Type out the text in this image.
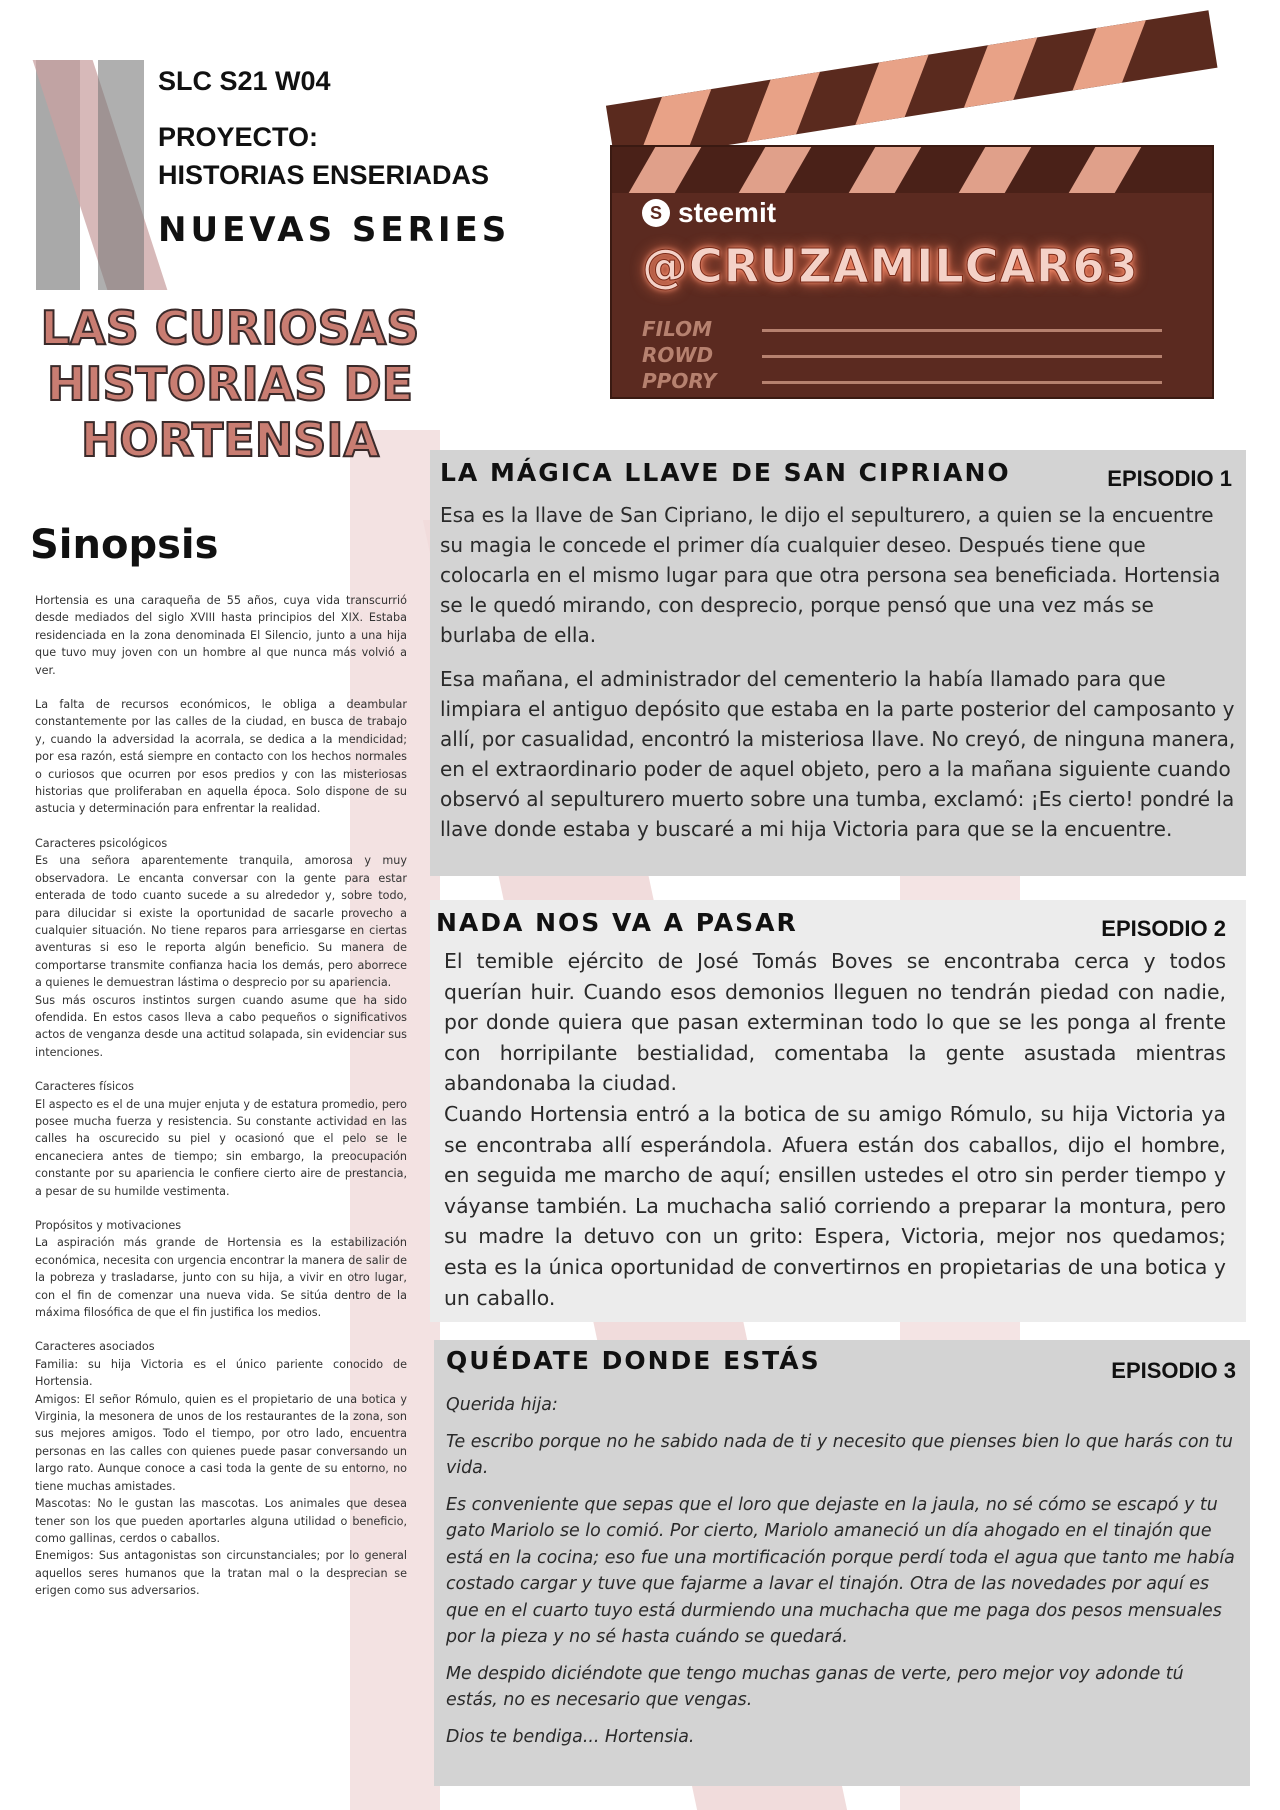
SLC S21 W04
PROYECTO:
HISTORIAS ENSERIADAS
NUEVAS SERIES
LAS CURIOSAS
HISTORIAS DE
HORTENSIA
S steemit
@CRUZAMILCAR63
FILOM
ROWD
PPORY
Sinopsis

Hortensia es una caraqueña de 55 años, cuya vida transcurrió desde mediados del siglo XVIII hasta principios del XIX. Estaba residenciada en la zona denominada El Silencio, junto a una hija que tuvo muy joven con un hombre al que nunca más volvió a ver.

La falta de recursos económicos, le obliga a deambular constantemente por las calles de la ciudad, en busca de trabajo y, cuando la adversidad la acorrala, se dedica a la mendicidad; por esa razón, está siempre en contacto con los hechos normales o curiosos que ocurren por esos predios y con las misteriosas historias que proliferaban en aquella época. Solo dispone de su astucia y determinación para enfrentar la realidad.

Caracteres psicológicos
Es una señora aparentemente tranquila, amorosa y muy observadora. Le encanta conversar con la gente para estar enterada de todo cuanto sucede a su alrededor y, sobre todo, para dilucidar si existe la oportunidad de sacarle provecho a cualquier situación. No tiene reparos para arriesgarse en ciertas aventuras si eso le reporta algún beneficio. Su manera de comportarse transmite confianza hacia los demás, pero aborrece a quienes le demuestran lástima o desprecio por su apariencia.
Sus más oscuros instintos surgen cuando asume que ha sido ofendida. En estos casos lleva a cabo pequeños o significativos actos de venganza desde una actitud solapada, sin evidenciar sus intenciones.

Caracteres físicos
El aspecto es el de una mujer enjuta y de estatura promedio, pero posee mucha fuerza y resistencia. Su constante actividad en las calles ha oscurecido su piel y ocasionó que el pelo se le encaneciera antes de tiempo; sin embargo, la preocupación constante por su apariencia le confiere cierto aire de prestancia, a pesar de su humilde vestimenta.

Propósitos y motivaciones
La aspiración más grande de Hortensia es la estabilización económica, necesita con urgencia encontrar la manera de salir de la pobreza y trasladarse, junto con su hija, a vivir en otro lugar, con el fin de comenzar una nueva vida. Se sitúa dentro de la máxima filosófica de que el fin justifica los medios.

Caracteres asociados
Familia: su hija Victoria es el único pariente conocido de Hortensia.
Amigos: El señor Rómulo, quien es el propietario de una botica y Virginia, la mesonera de unos de los restaurantes de la zona, son sus mejores amigos. Todo el tiempo, por otro lado, encuentra personas en las calles con quienes puede pasar conversando un largo rato. Aunque conoce a casi toda la gente de su entorno, no tiene muchas amistades.
Mascotas: No le gustan las mascotas. Los animales que desea tener son los que pueden aportarles alguna utilidad o beneficio, como gallinas, cerdos o caballos.
Enemigos: Sus antagonistas son circunstanciales; por lo general aquellos seres humanos que la tratan mal o la desprecian se erigen como sus adversarios.

LA MÁGICA LLAVE DE SAN CIPRIANO	EPISODIO 1

Esa es la llave de San Cipriano, le dijo el sepulturero, a quien se la encuentre su magia le concede el primer día cualquier deseo. Después tiene que colocarla en el mismo lugar para que otra persona sea beneficiada. Hortensia se le quedó mirando, con desprecio, porque pensó que una vez más se burlaba de ella.

Esa mañana, el administrador del cementerio la había llamado para que limpiara el antiguo depósito que estaba en la parte posterior del camposanto y allí, por casualidad, encontró la misteriosa llave. No creyó, de ninguna manera, en el extraordinario poder de aquel objeto, pero a la mañana siguiente cuando observó al sepulturero muerto sobre una tumba, exclamó: ¡Es cierto! pondré la llave donde estaba y buscaré a mi hija Victoria para que se la encuentre.

NADA NOS VA A PASAR	EPISODIO 2

El temible ejército de José Tomás Boves se encontraba cerca y todos querían huir. Cuando esos demonios lleguen no tendrán piedad con nadie, por donde quiera que pasan exterminan todo lo que se les ponga al frente con horripilante bestialidad, comentaba la gente asustada mientras abandonaba la ciudad.

Cuando Hortensia entró a la botica de su amigo Rómulo, su hija Victoria ya se encontraba allí esperándola. Afuera están dos caballos, dijo el hombre, en seguida me marcho de aquí; ensillen ustedes el otro sin perder tiempo y váyanse también. La muchacha salió corriendo a preparar la montura, pero su madre la detuvo con un grito: Espera, Victoria, mejor nos quedamos; esta es la única oportunidad de convertirnos en propietarias de una botica y un caballo.

QUÉDATE DONDE ESTÁS	EPISODIO 3

Querida hija:

Te escribo porque no he sabido nada de ti y necesito que pienses bien lo que harás con tu vida.

Es conveniente que sepas que el loro que dejaste en la jaula, no sé cómo se escapó y tu gato Mariolo se lo comió. Por cierto, Mariolo amaneció un día ahogado en el tinajón que está en la cocina; eso fue una mortificación porque perdí toda el agua que tanto me había costado cargar y tuve que fajarme a lavar el tinajón. Otra de las novedades por aquí es que en el cuarto tuyo está durmiendo una muchacha que me paga dos pesos mensuales por la pieza y no sé hasta cuándo se quedará.

Me despido diciéndote que tengo muchas ganas de verte, pero mejor voy adonde tú estás, no es necesario que vengas.

Dios te bendiga... Hortensia.
